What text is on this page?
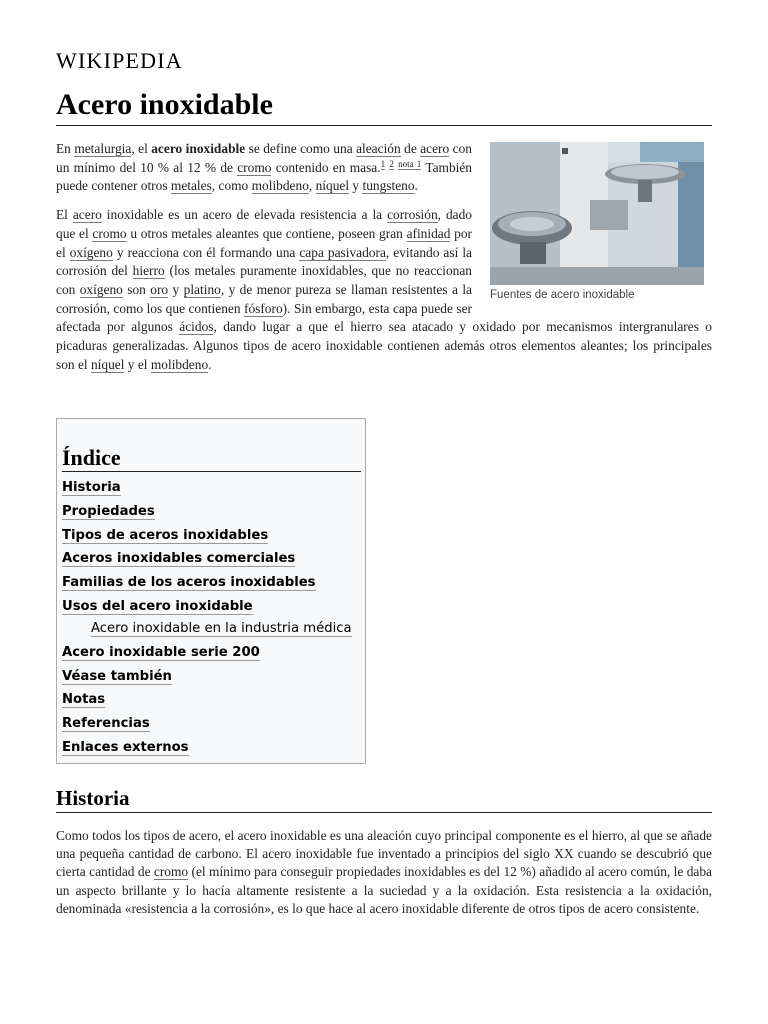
WIKIPEDIA
Acero inoxidable
Fuentes de acero inoxidable

En metalurgia, el acero inoxidable se define como una aleación de acero con un mínimo del 10 % al 12 % de cromo contenido en masa.$^1$ $^2$ $^{nota 1}$ También puede contener otros metales, como molibdeno, níquel y tungsteno.

El acero inoxidable es un acero de elevada resistencia a la corrosión, dado que el cromo u otros metales aleantes que contiene, poseen gran afinidad por el oxígeno y reacciona con él formando una capa pasivadora, evitando así la corrosión del hierro (los metales puramente inoxidables, que no reaccionan con oxígeno son oro y platino, y de menor pureza se llaman resistentes a la corrosión, como los que contienen fósforo). Sin embargo, esta capa puede ser afectada por algunos ácidos, dando lugar a que el hierro sea atacado y oxidado por mecanismos intergranulares o picaduras generalizadas. Algunos tipos de acero inoxidable contienen además otros elementos aleantes; los principales son el níquel y el molibdeno.

Índice
Historia
Propiedades
Tipos de aceros inoxidables
Aceros inoxidables comerciales
Familias de los aceros inoxidables
Usos del acero inoxidable
Acero inoxidable en la industria médica
Acero inoxidable serie 200
Véase también
Notas
Referencias
Enlaces externos
Historia

Como todos los tipos de acero, el acero inoxidable es una aleación cuyo principal componente es el hierro, al que se añade una pequeña cantidad de carbono. El acero inoxidable fue inventado a principios del siglo XX cuando se descubrió que cierta cantidad de cromo (el mínimo para conseguir propiedades inoxidables es del 12 %) añadido al acero común, le daba un aspecto brillante y lo hacía altamente resistente a la suciedad y a la oxidación. Esta resistencia a la oxidación, denominada «resistencia a la corrosión», es lo que hace al acero inoxidable diferente de otros tipos de acero consistente.
